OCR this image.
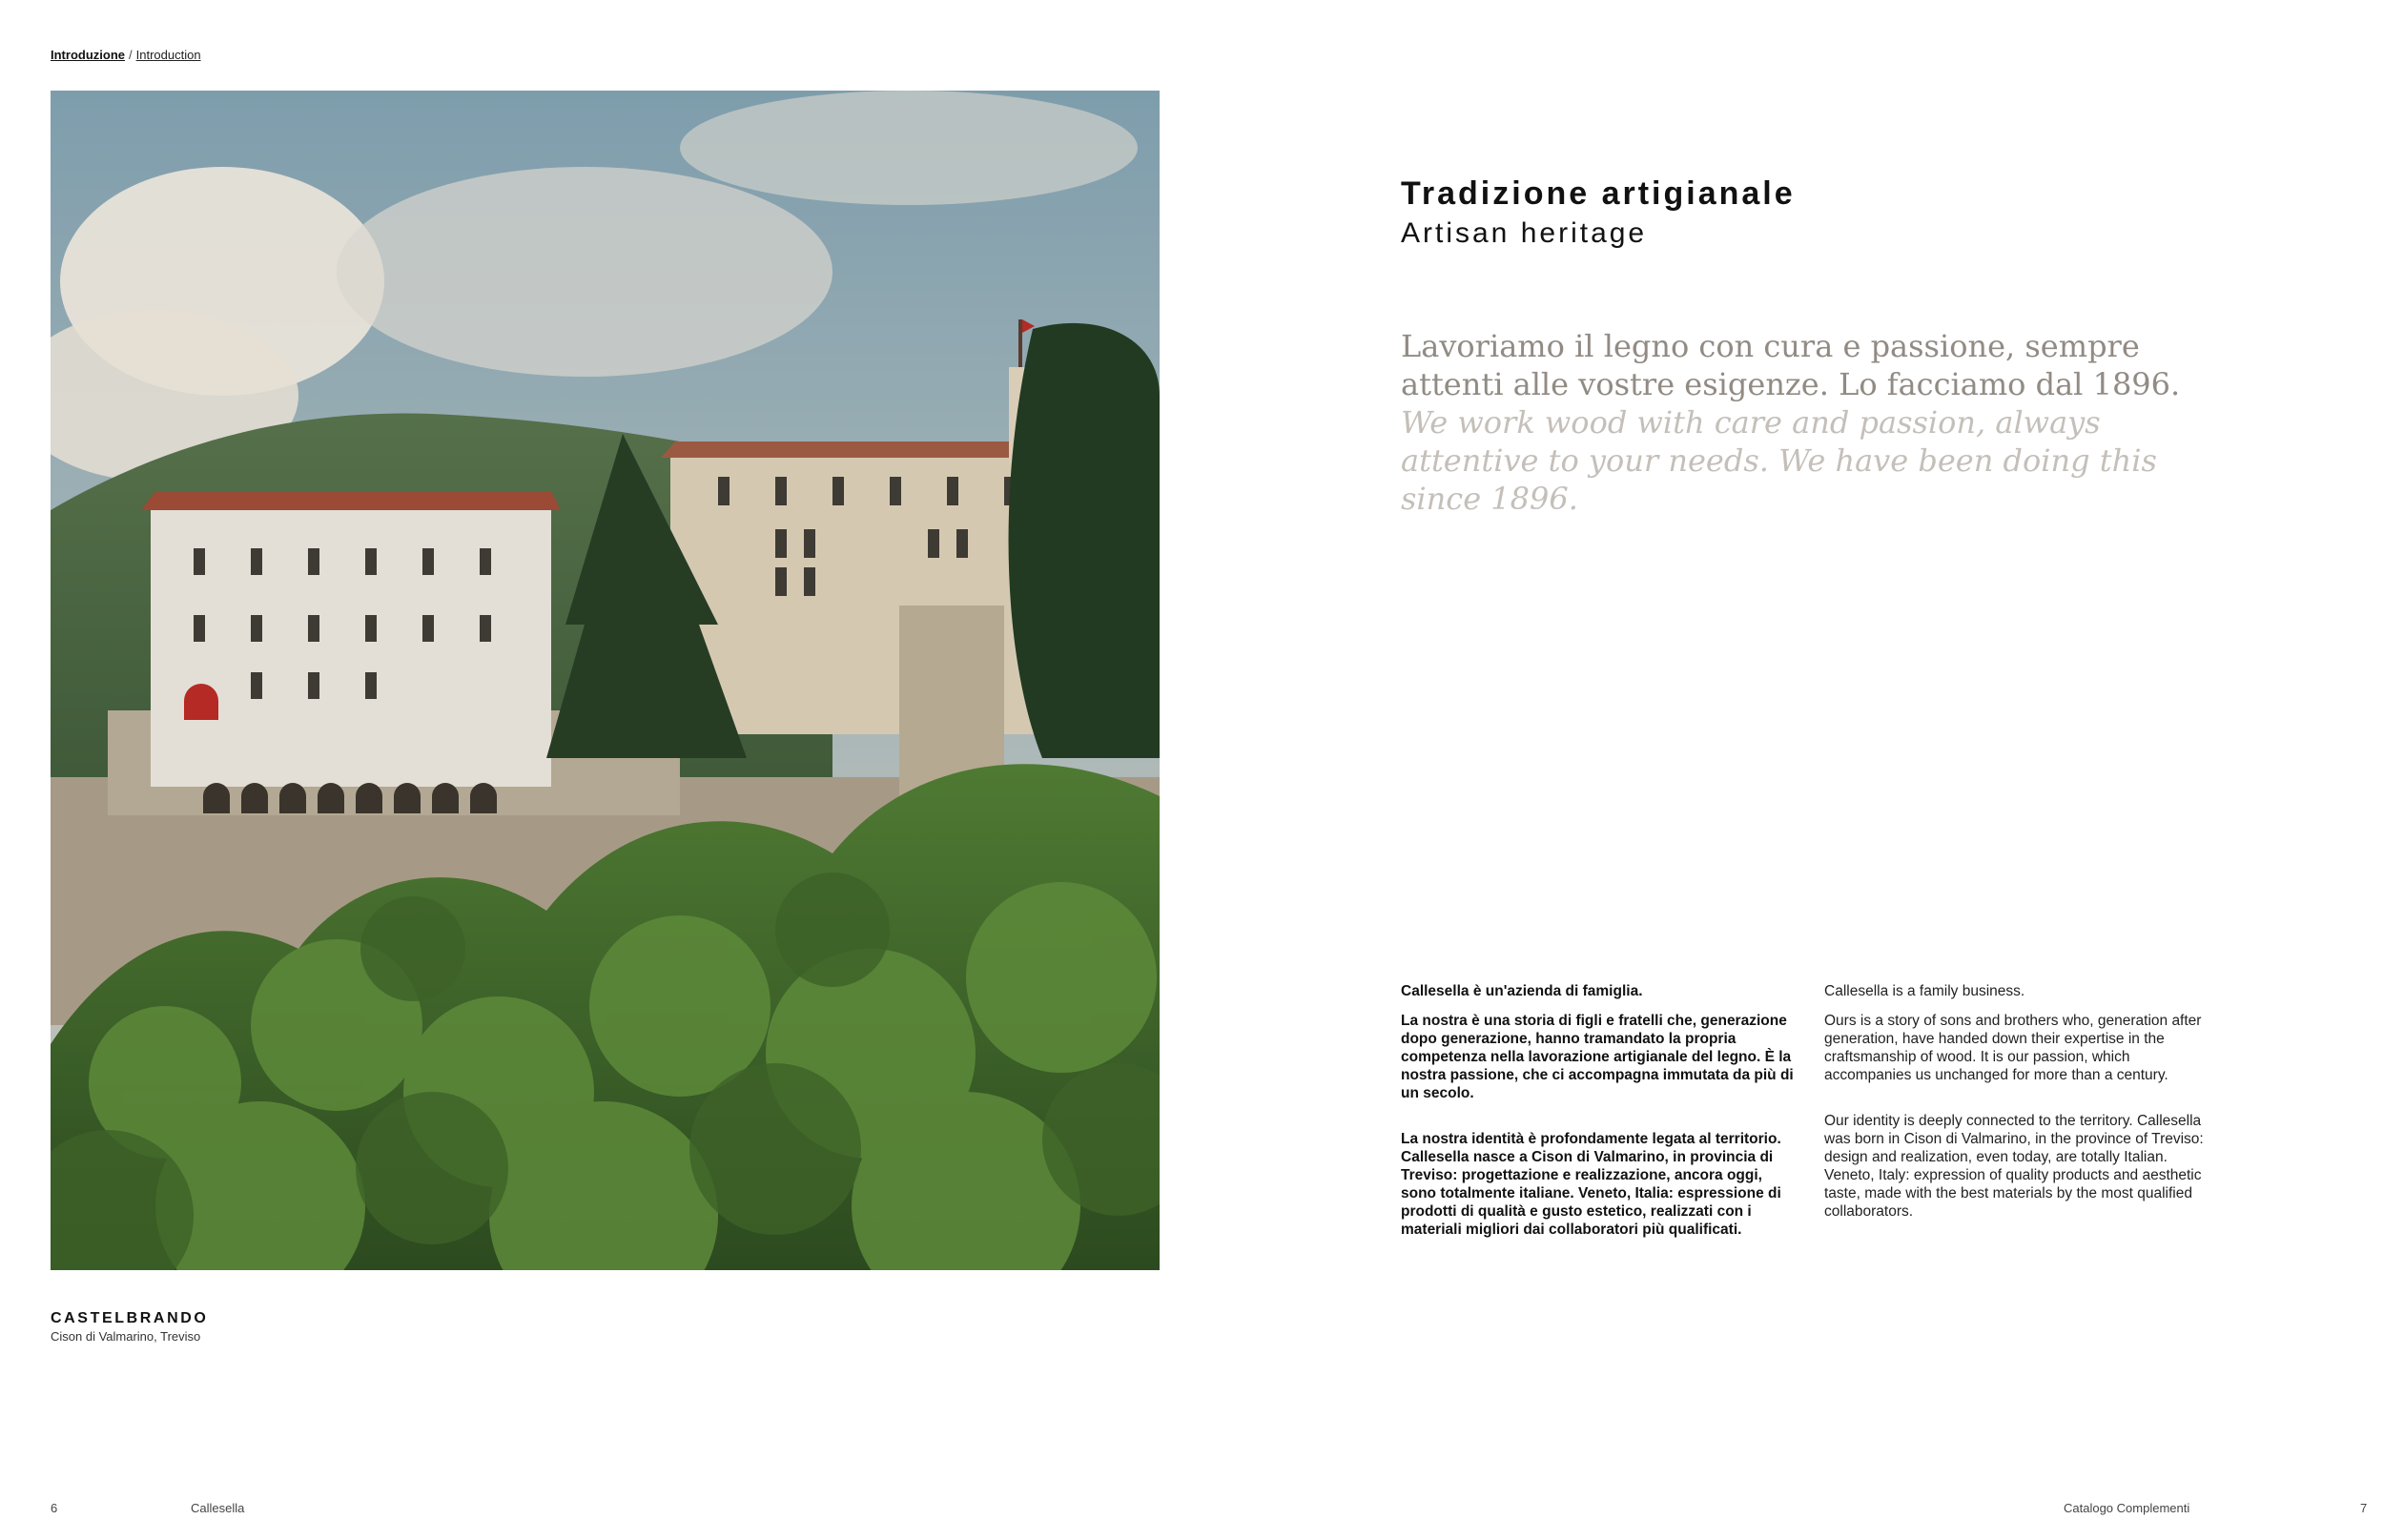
Introduzione / Introduction
CASTELBRANDO
Cison di Valmarino, Treviso
Tradizione artigianale
Artisan heritage
Lavoriamo il legno con cura e passione, sempre attenti alle vostre esigenze. Lo facciamo dal 1896.
We work wood with care and passion, always attentive to your needs. We have been doing this since 1896.

Callesella è un'azienda di famiglia.

La nostra è una storia di figli e fratelli che, generazione dopo generazione, hanno tramandato la propria competenza nella lavorazione artigianale del legno. È la nostra passione, che ci accompagna immutata da più di un secolo.

La nostra identità è profondamente legata al territorio. Callesella nasce a Cison di Valmarino, in provincia di Treviso: progettazione e realizzazione, ancora oggi, sono totalmente italiane. Veneto, Italia: espressione di prodotti di qualità e gusto estetico, realizzati con i materiali migliori dai collaboratori più qualificati.

Callesella is a family business.

Ours is a story of sons and brothers who, generation after generation, have handed down their expertise in the craftsmanship of wood. It is our passion, which accompanies us unchanged for more than a century.

Our identity is deeply connected to the territory. Callesella was born in Cison di Valmarino, in the province of Treviso: design and realization, even today, are totally Italian. Veneto, Italy: expression of quality products and aesthetic taste, made with the best materials by the most qualified collaborators.

6	Callesella	Catalogo Complementi	7
